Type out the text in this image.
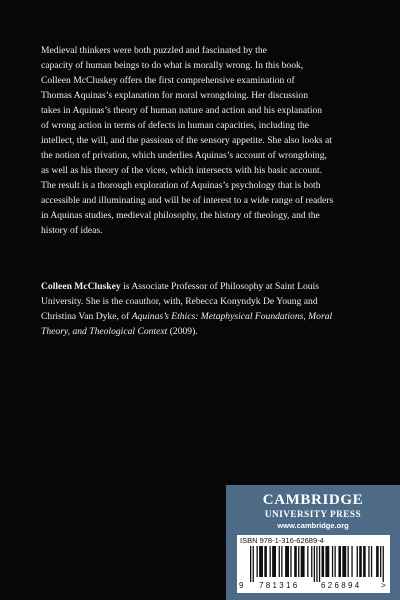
Medieval thinkers were both puzzled and fascinated by the
capacity of human beings to do what is morally wrong. In this book,
Colleen McCluskey offers the first comprehensive examination of
Thomas Aquinas’s explanation for moral wrongdoing. Her discussion
takes in Aquinas’s theory of human nature and action and his explanation
of wrong action in terms of defects in human capacities, including the
intellect, the will, and the passions of the sensory appetite. She also looks at
the notion of privation, which underlies Aquinas’s account of wrongdoing,
as well as his theory of the vices, which intersects with his basic account.
The result is a thorough exploration of Aquinas’s psychology that is both
accessible and illuminating and will be of interest to a wide range of readers
in Aquinas studies, medieval philosophy, the history of theology, and the
history of ideas.

Colleen McCluskey is Associate Professor of Philosophy at Saint Louis
University. She is the coauthor, with, Rebecca Konyndyk De Young and
Christina Van Dyke, of Aquinas’s Ethics: Metaphysical Foundations, Moral
Theory, and Theological Context (2009).

CAMBRIDGE
UNIVERSITY PRESS
www.cambridge.org
ISBN 978-1-316-62689-4
9 781316	626894 >
